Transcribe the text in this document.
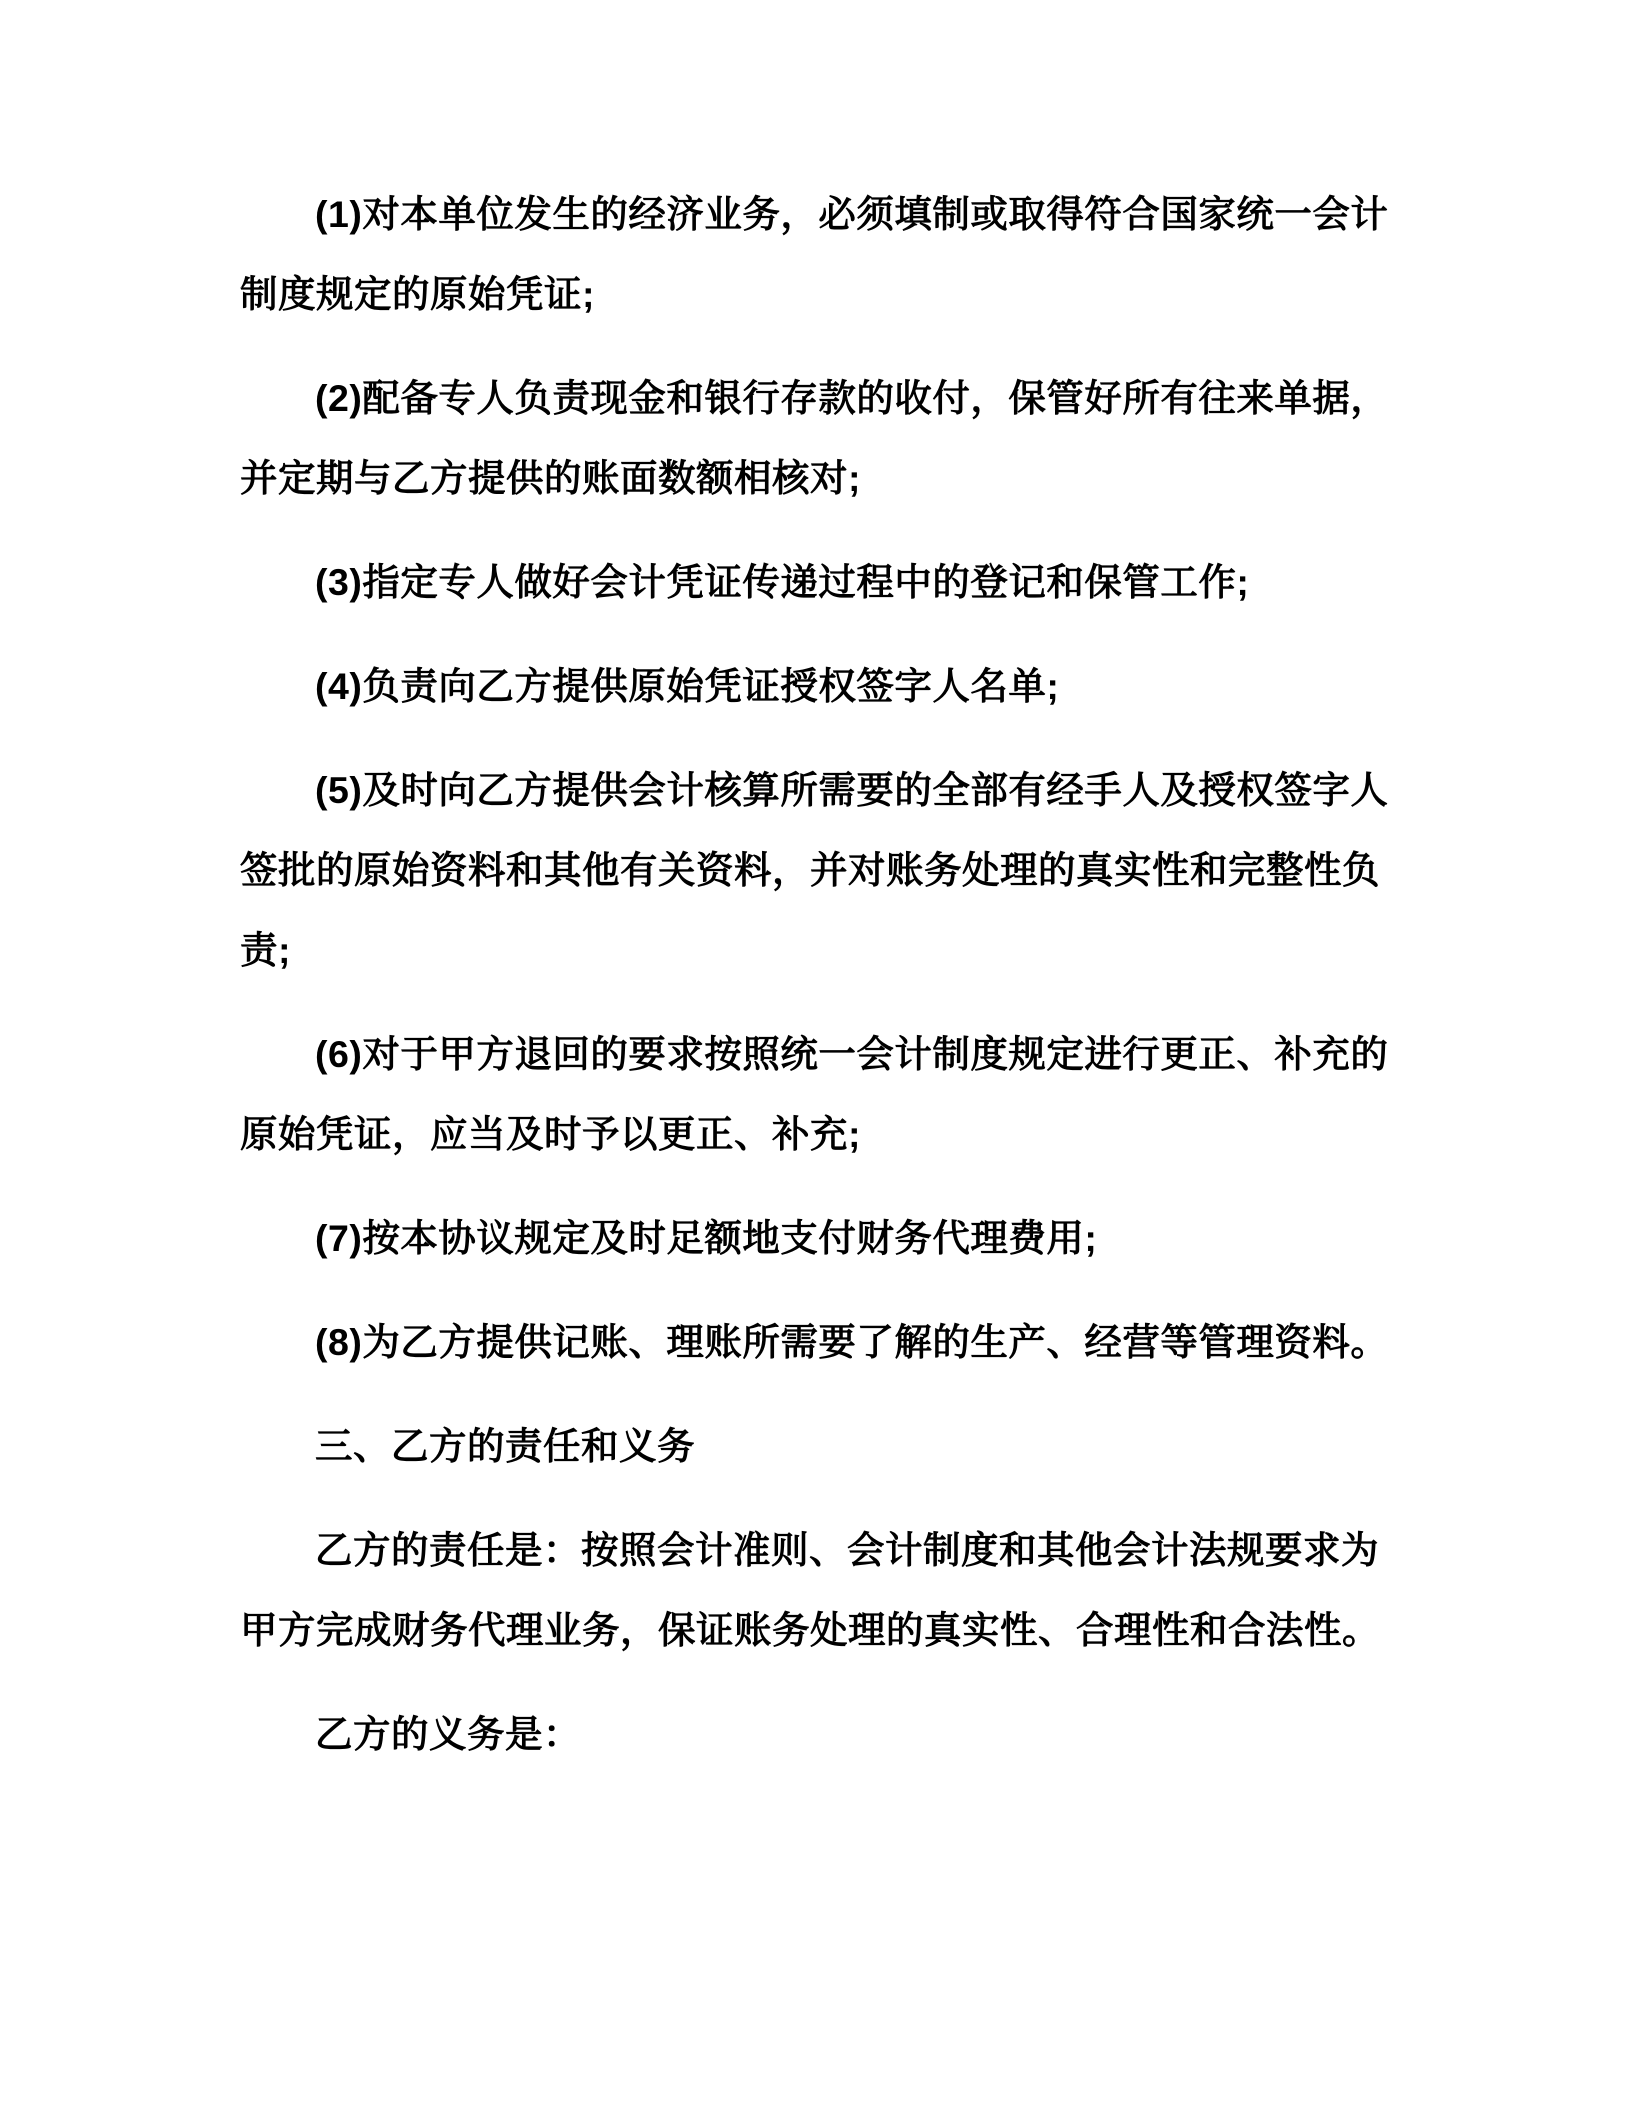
(1)对本单位发生的经济业务，必须填制或取得符合国家统一会计
制度规定的原始凭证;
(2)配备专人负责现金和银行存款的收付，保管好所有往来单据，
并定期与乙方提供的账面数额相核对;
(3)指定专人做好会计凭证传递过程中的登记和保管工作;
(4)负责向乙方提供原始凭证授权签字人名单;
(5)及时向乙方提供会计核算所需要的全部有经手人及授权签字人
签批的原始资料和其他有关资料，并对账务处理的真实性和完整性负
责;
(6)对于甲方退回的要求按照统一会计制度规定进行更正、补充的
原始凭证，应当及时予以更正、补充;
(7)按本协议规定及时足额地支付财务代理费用;
(8)为乙方提供记账、理账所需要了解的生产、经营等管理资料。
三、乙方的责任和义务
乙方的责任是：按照会计准则、会计制度和其他会计法规要求为
甲方完成财务代理业务，保证账务处理的真实性、合理性和合法性。
乙方的义务是：
